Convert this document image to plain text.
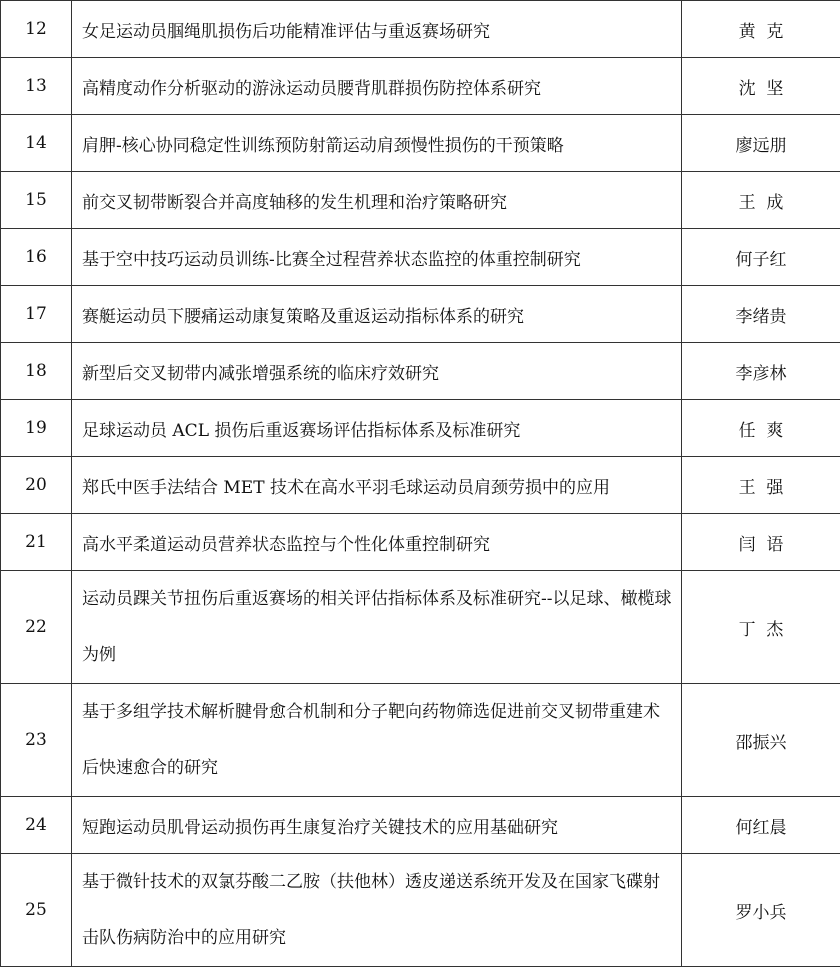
12	女足运动员腘绳肌损伤后功能精准评估与重返赛场研究	黄  克
13	高精度动作分析驱动的游泳运动员腰背肌群损伤防控体系研究	沈  坚
14	肩胛-核心协同稳定性训练预防射箭运动肩颈慢性损伤的干预策略	廖远朋
15	前交叉韧带断裂合并高度轴移的发生机理和治疗策略研究	王  成
16	基于空中技巧运动员训练-比赛全过程营养状态监控的体重控制研究	何子红
17	赛艇运动员下腰痛运动康复策略及重返运动指标体系的研究	李绪贵
18	新型后交叉韧带内减张增强系统的临床疗效研究	李彦林
19	足球运动员 ACL 损伤后重返赛场评估指标体系及标准研究	任  爽
20	郑氏中医手法结合 MET 技术在高水平羽毛球运动员肩颈劳损中的应用	王  强
21	高水平柔道运动员营养状态监控与个性化体重控制研究	闫  语
22	运动员踝关节扭伤后重返赛场的相关评估指标体系及标准研究--以足球、橄榄球为例	丁  杰
23	基于多组学技术解析腱骨愈合机制和分子靶向药物筛选促进前交叉韧带重建术后快速愈合的研究	邵振兴
24	短跑运动员肌骨运动损伤再生康复治疗关键技术的应用基础研究	何红晨
25	基于微针技术的双氯芬酸二乙胺（扶他林）透皮递送系统开发及在国家飞碟射击队伤病防治中的应用研究	罗小兵
